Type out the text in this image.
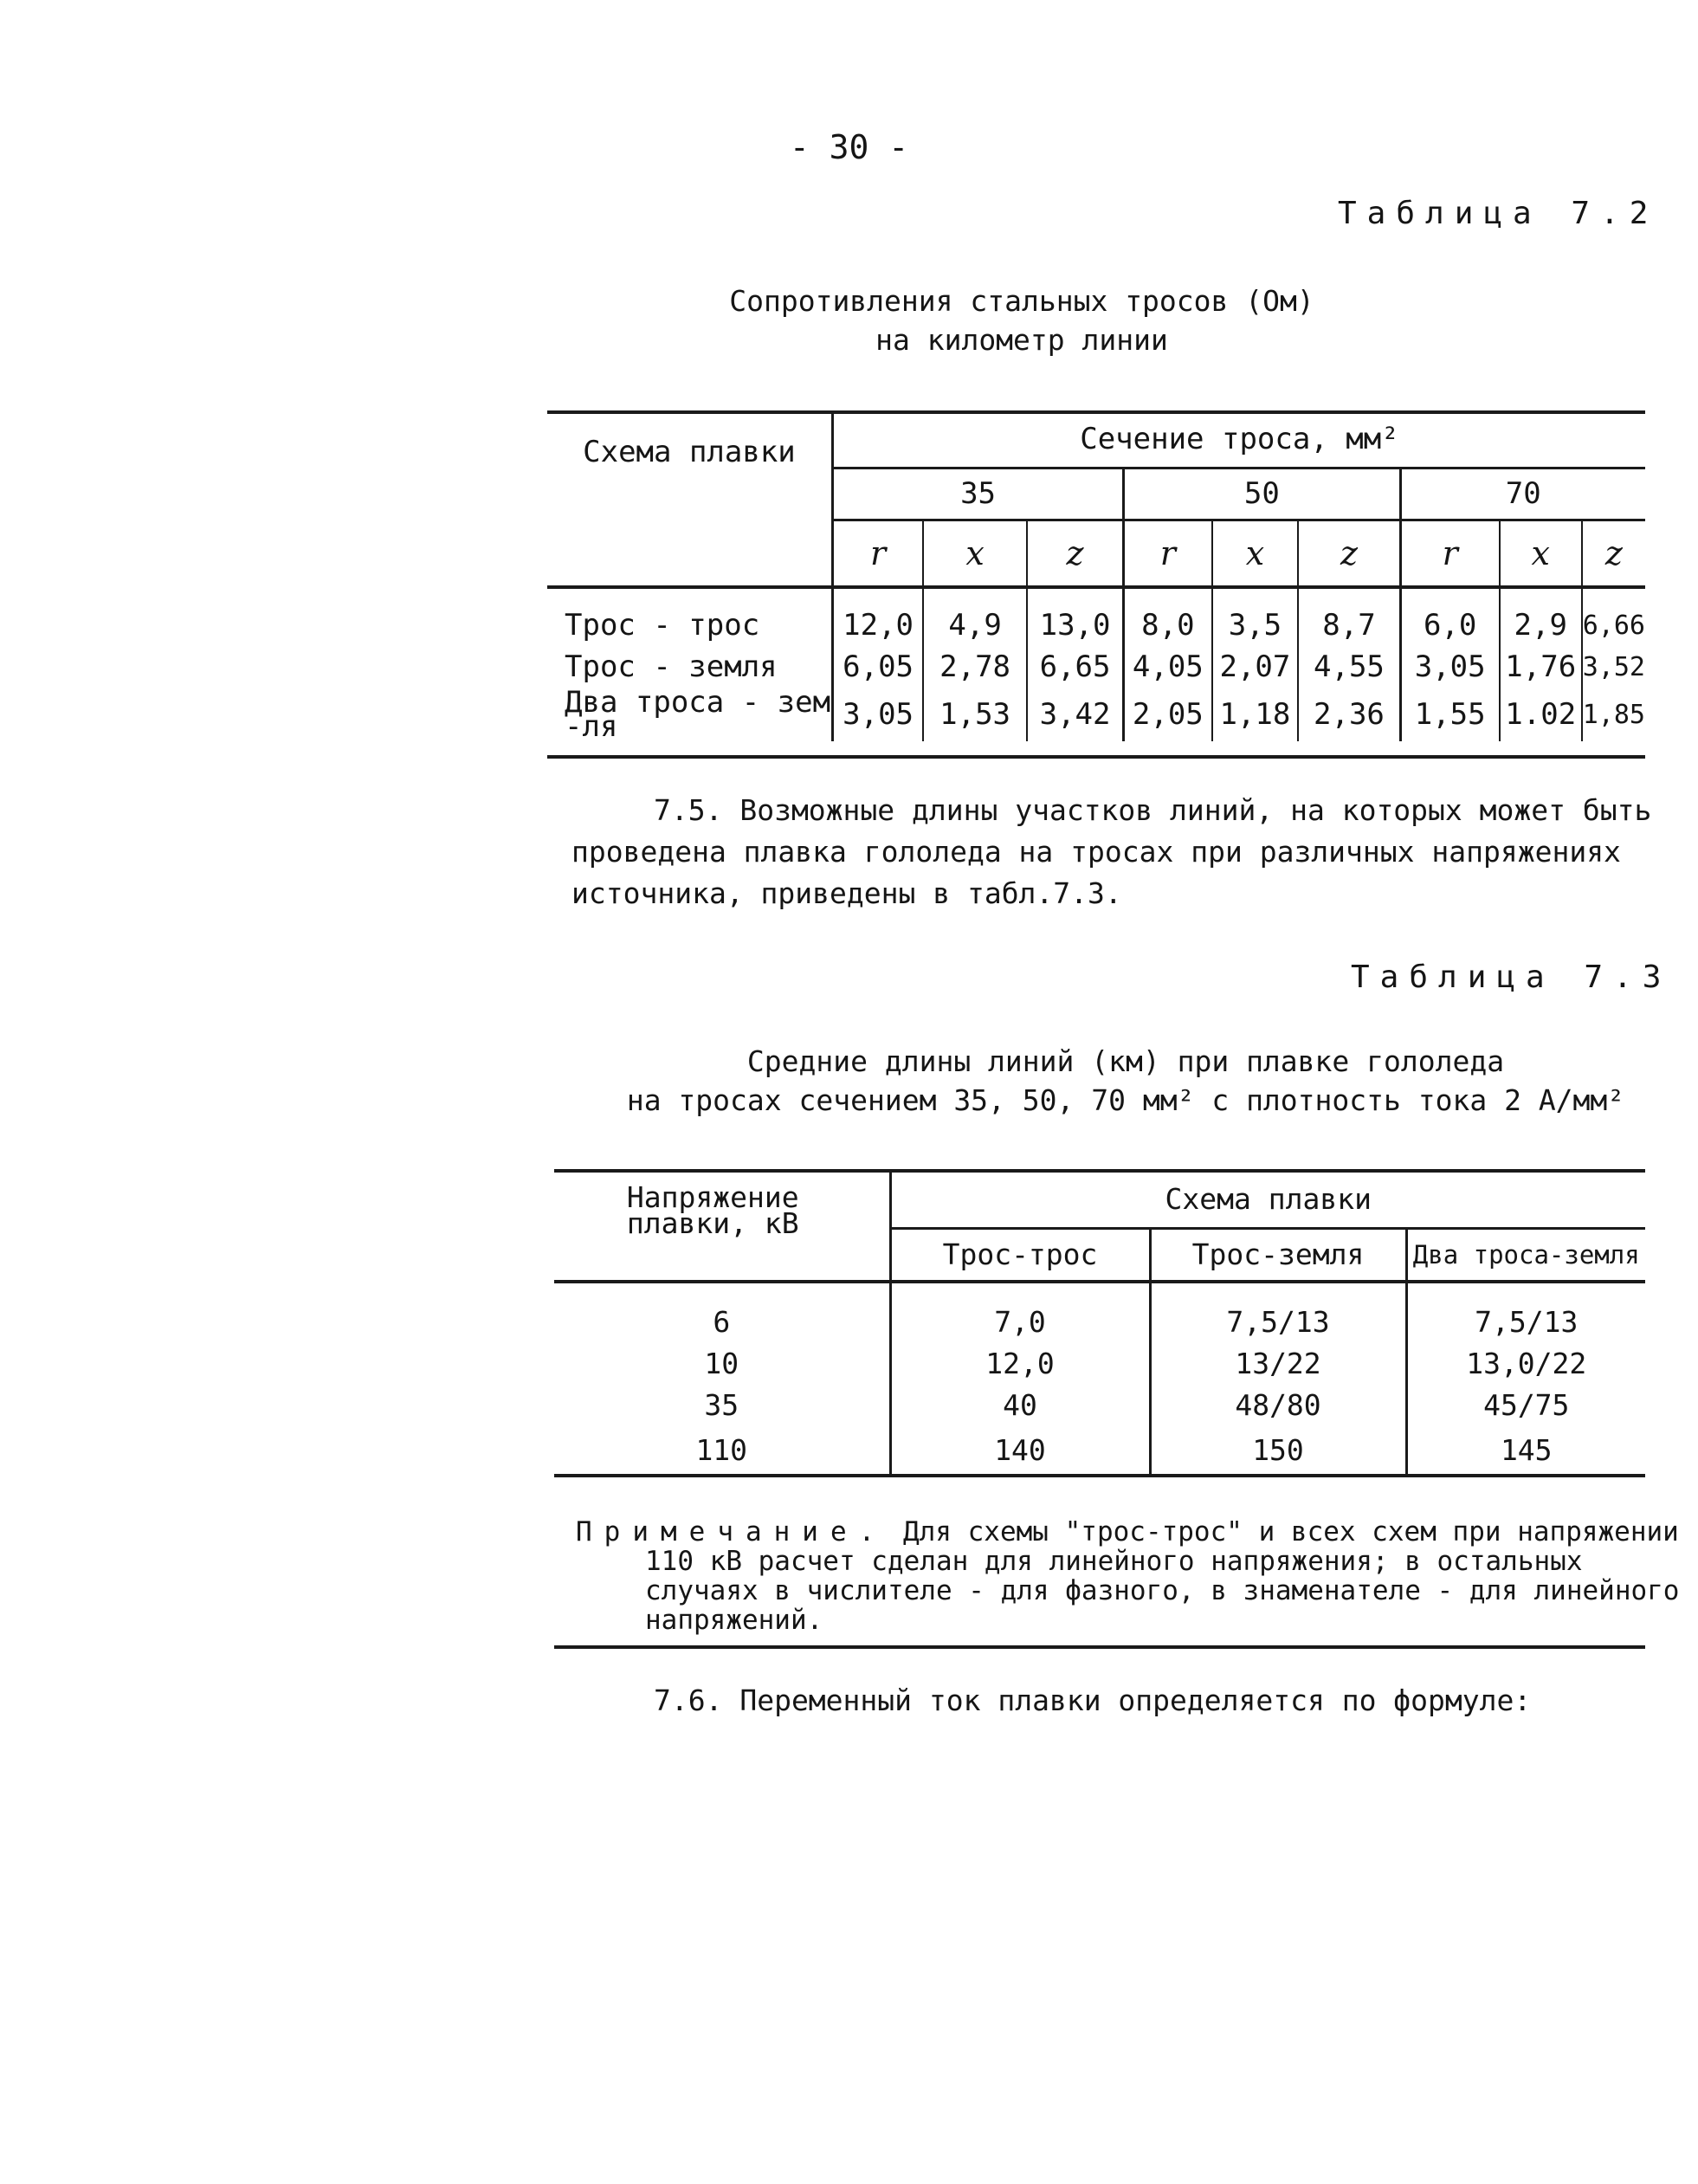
- 30 -
Таблица 7.2
Сопротивления стальных тросов (Ом)
на километр линии
Схема плавки	Сечение троса, мм²								
	35			50			70		
	r	x	z	r	x	z	r	x	z

Трос - трос	12,0	4,9	13,0	8,0	3,5	8,7	6,0	2,9	6,66
Трос - земля	6,05	2,78	6,65	4,05	2,07	4,55	3,05	1,76	3,52
Два троса - зем-ля	3,05	1,53	3,42	2,05	1,18	2,36	1,55	1.02	1,85
7.5. Возможные длины участков линий, на которых может быть
проведена плавка гололеда на тросах при различных напряжениях
источника, приведены в табл.7.3.
Таблица 7.3
Средние длины линий (км) при плавке гололеда
на тросах сечением 35, 50, 70 мм² с плотность тока 2 А/мм²
Напряжение плавки, кВ	Схема плавки		
	Трос-трос	Трос-земля	Два троса-земля

6	7,0	7,5/13	7,5/13
10	12,0	13/22	13,0/22
35	40	48/80	45/75
110	140	150	145
Примечание. Для схемы "трос-трос" и всех схем при напряжении 110 кВ расчет сделан для линейного напряжения; в остальных случаях в числителе - для фазного, в знаменателе - для линейного напряжений.
7.6. Переменный ток плавки определяется по формуле:
